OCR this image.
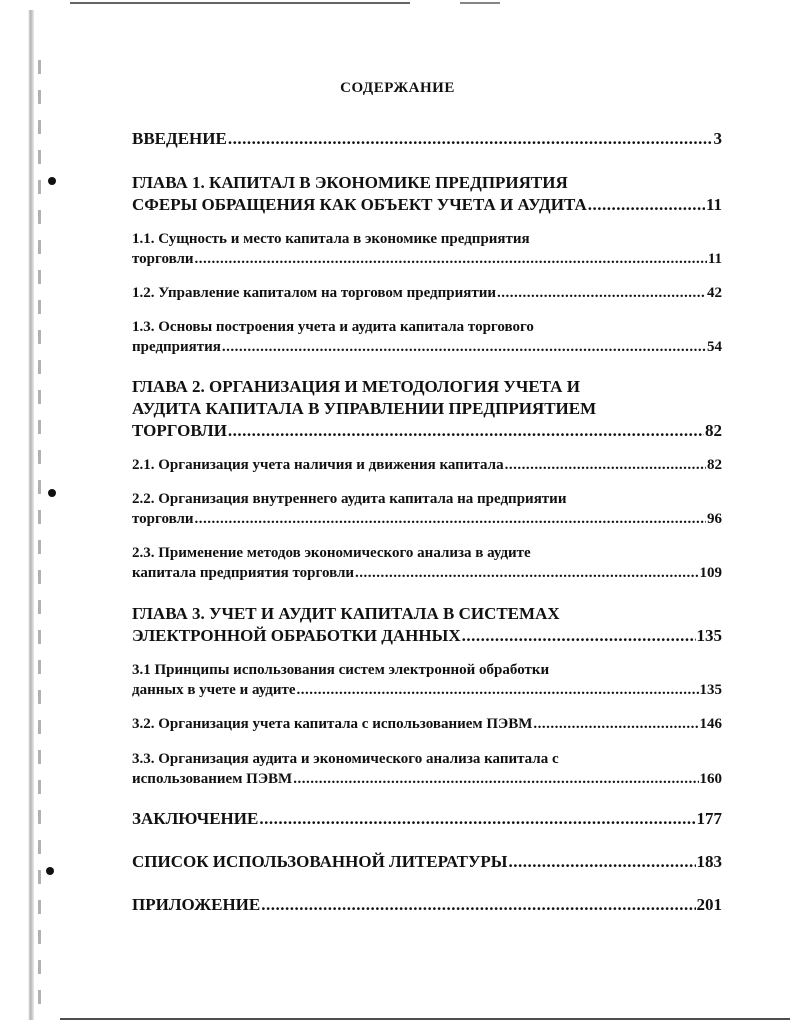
СОДЕРЖАНИЕ
ВВЕДЕНИЕ .....	3
ГЛАВА 1. КАПИТАЛ В ЭКОНОМИКЕ ПРЕДПРИЯТИЯ
СФЕРЫ ОБРАЩЕНИЯ КАК ОБЪЕКТ УЧЕТА И АУДИТА .....	11
1.1. Сущность и место капитала в экономике предприятия
торговли .....	11
1.2. Управление капиталом на торговом предприятии .....	42
1.3. Основы построения учета и аудита капитала торгового
предприятия .....	54
ГЛАВА 2. ОРГАНИЗАЦИЯ И МЕТОДОЛОГИЯ УЧЕТА И
АУДИТА КАПИТАЛА В УПРАВЛЕНИИ ПРЕДПРИЯТИЕМ
ТОРГОВЛИ .....	82
2.1. Организация учета наличия и движения капитала .....	82
2.2. Организация внутреннего аудита капитала на предприятии
торговли .....	96
2.3. Применение методов экономического анализа в аудите
капитала предприятия торговли .....	109
ГЛАВА 3. УЧЕТ И АУДИТ КАПИТАЛА В СИСТЕМАХ
ЭЛЕКТРОННОЙ ОБРАБОТКИ ДАННЫХ .....	135
3.1 Принципы использования систем электронной обработки
данных в учете и аудите .....	135
3.2. Организация учета капитала с использованием ПЭВМ .....	146
3.3. Организация аудита и экономического анализа капитала с
использованием ПЭВМ .....	160
ЗАКЛЮЧЕНИЕ .....	177
СПИСОК ИСПОЛЬЗОВАННОЙ ЛИТЕРАТУРЫ .....	183
ПРИЛОЖЕНИЕ .....	201
